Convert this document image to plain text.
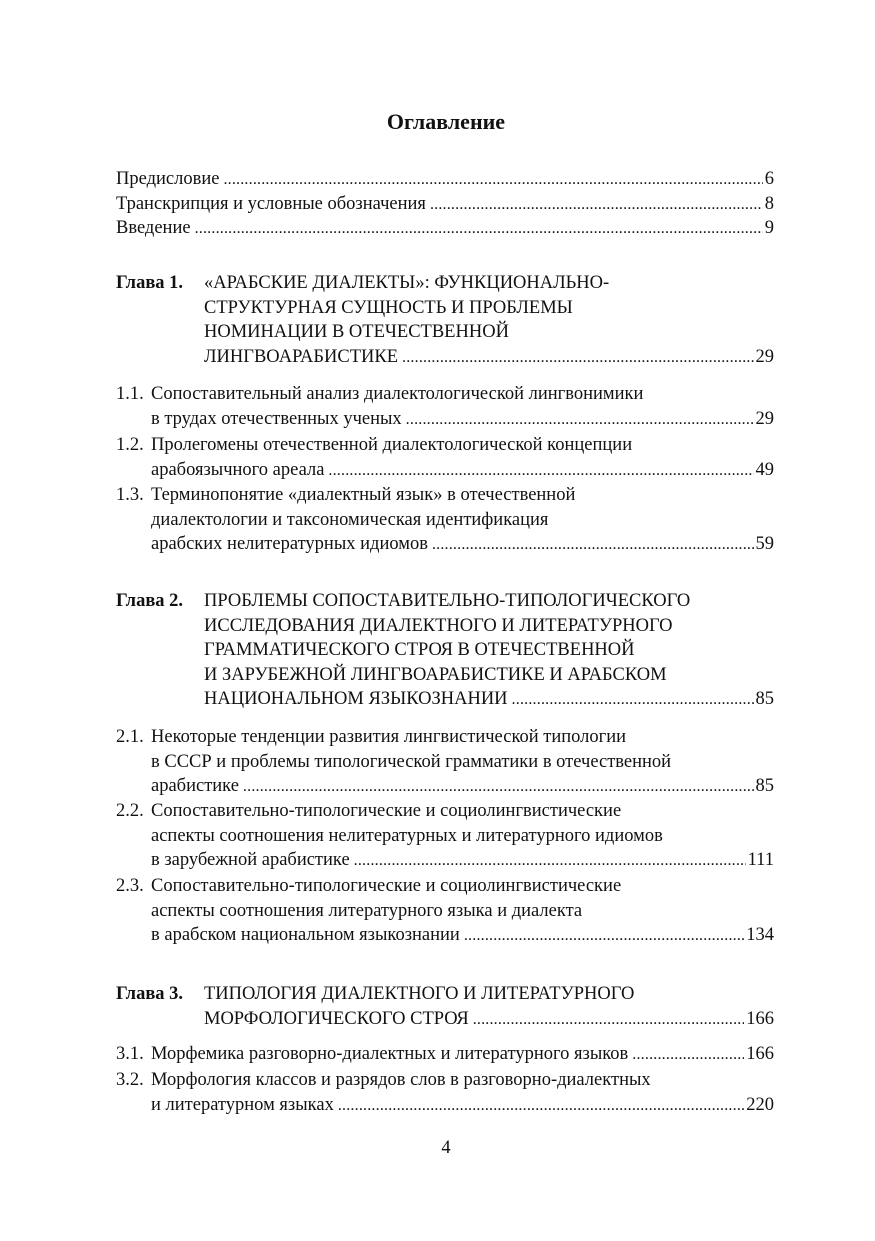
Оглавление
Предисловие .....	6
Транскрипция и условные обозначения .....	8
Введение .....	9
Глава 1. «АРАБСКИЕ ДИАЛЕКТЫ»: ФУНКЦИОНАЛЬНО-
СТРУКТУРНАЯ СУЩНОСТЬ И ПРОБЛЕМЫ
НОМИНАЦИИ В ОТЕЧЕСТВЕННОЙ
ЛИНГВОАРАБИСТИКЕ .....	29
1.1. Сопоставительный анализ диалектологической лингвонимики
в трудах отечественных ученых .....	29
1.2. Пролегомены отечественной диалектологической концепции
арабоязычного ареала .....	49
1.3. Терминопонятие «диалектный язык» в отечественной
диалектологии и таксономическая идентификация
арабских нелитературных идиомов .....	59
Глава 2. ПРОБЛЕМЫ СОПОСТАВИТЕЛЬНО-ТИПОЛОГИЧЕСКОГО
ИССЛЕДОВАНИЯ ДИАЛЕКТНОГО И ЛИТЕРАТУРНОГО
ГРАММАТИЧЕСКОГО СТРОЯ В ОТЕЧЕСТВЕННОЙ
И ЗАРУБЕЖНОЙ ЛИНГВОАРАБИСТИКЕ И АРАБСКОМ
НАЦИОНАЛЬНОМ ЯЗЫКОЗНАНИИ .....	85
2.1. Некоторые тенденции развития лингвистической типологии
в СССР и проблемы типологической грамматики в отечественной
арабистике .....	85
2.2. Сопоставительно-типологические и социолингвистические
аспекты соотношения нелитературных и литературного идиомов
в зарубежной арабистике .....	111
2.3. Сопоставительно-типологические и социолингвистические
аспекты соотношения литературного языка и диалекта
в арабском национальном языкознании .....	134
Глава 3. ТИПОЛОГИЯ ДИАЛЕКТНОГО И ЛИТЕРАТУРНОГО
МОРФОЛОГИЧЕСКОГО СТРОЯ .....	166
3.1. Морфемика разговорно-диалектных и литературного языков .....	166
3.2. Морфология классов и разрядов слов в разговорно-диалектных
и литературном языках .....	220
4
